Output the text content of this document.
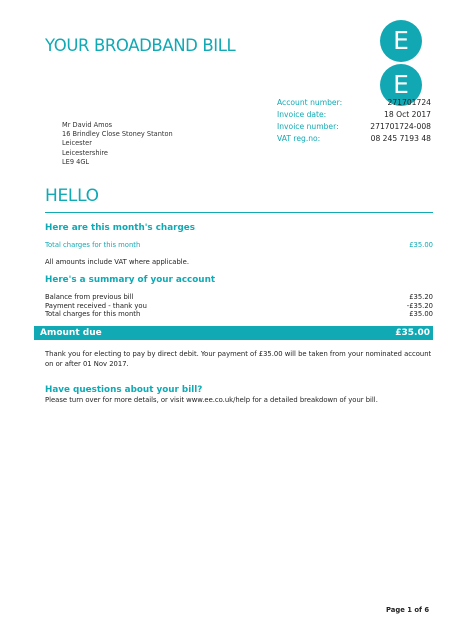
YOUR BROADBAND BILL	E
E
Mr David Amos
16 Brindley Close Stoney Stanton
Leicester
Leicestershire
LE9 4GL
Account number:	271701724
Invoice date:	18 Oct 2017
Invoice number:	271701724-008
VAT reg.no:	08 245 7193 48
HELLO
Here are this month's charges
Total charges for this month	£35.00
All amounts include VAT where applicable.
Here's a summary of your account
Balance from previous bill	£35.20
Payment received - thank you	-£35.20
Total charges for this month	£35.00
Amount due	£35.00
Thank you for electing to pay by direct debit. Your payment of £35.00 will be taken from your nominated account on or after 01 Nov 2017.
Have questions about your bill?
Please turn over for more details, or visit www.ee.co.uk/help for a detailed breakdown of your bill.
Page 1 of 6
